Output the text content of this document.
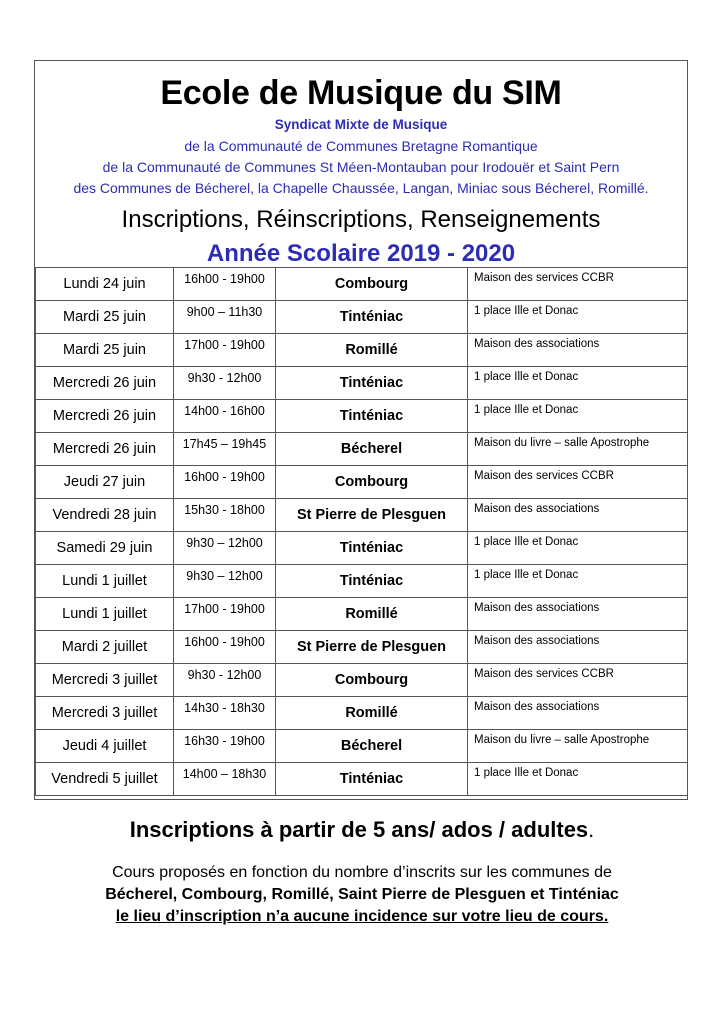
Ecole de Musique du SIM
Syndicat Mixte de Musique
de la Communauté de Communes Bretagne Romantique
de la Communauté de Communes St Méen-Montauban pour Irodouër et Saint Pern
des Communes de Bécherel, la Chapelle Chaussée, Langan, Miniac sous Bécherel, Romillé.
Inscriptions, Réinscriptions, Renseignements
Année Scolaire 2019 - 2020
Lundi 24 juin	16h00 - 19h00	Combourg	Maison des services CCBR
Mardi 25 juin	9h00 – 11h30	Tinténiac	1 place Ille et Donac
Mardi 25 juin	17h00 - 19h00	Romillé	Maison des associations
Mercredi 26 juin	9h30 - 12h00	Tinténiac	1 place Ille et Donac
Mercredi 26 juin	14h00 - 16h00	Tinténiac	1 place Ille et Donac
Mercredi 26 juin	17h45 – 19h45	Bécherel	Maison du livre – salle Apostrophe
Jeudi 27 juin	16h00 - 19h00	Combourg	Maison des services CCBR
Vendredi 28 juin	15h30 - 18h00	St Pierre de Plesguen	Maison des associations
Samedi 29 juin	9h30 – 12h00	Tinténiac	1 place Ille et Donac
Lundi 1 juillet	9h30 – 12h00	Tinténiac	1 place Ille et Donac
Lundi 1 juillet	17h00 - 19h00	Romillé	Maison des associations
Mardi 2 juillet	16h00 - 19h00	St Pierre de Plesguen	Maison des associations
Mercredi 3 juillet	9h30 - 12h00	Combourg	Maison des services CCBR
Mercredi 3 juillet	14h30 - 18h30	Romillé	Maison des associations
Jeudi 4 juillet	16h30 - 19h00	Bécherel	Maison du livre – salle Apostrophe
Vendredi 5 juillet	14h00 – 18h30	Tinténiac	1 place Ille et Donac
Inscriptions à partir de 5 ans/ ados / adultes.
Cours proposés en fonction du nombre d’inscrits sur les communes de
Bécherel, Combourg, Romillé, Saint Pierre de Plesguen et Tinténiac
le lieu d’inscription n’a aucune incidence sur votre lieu de cours.
